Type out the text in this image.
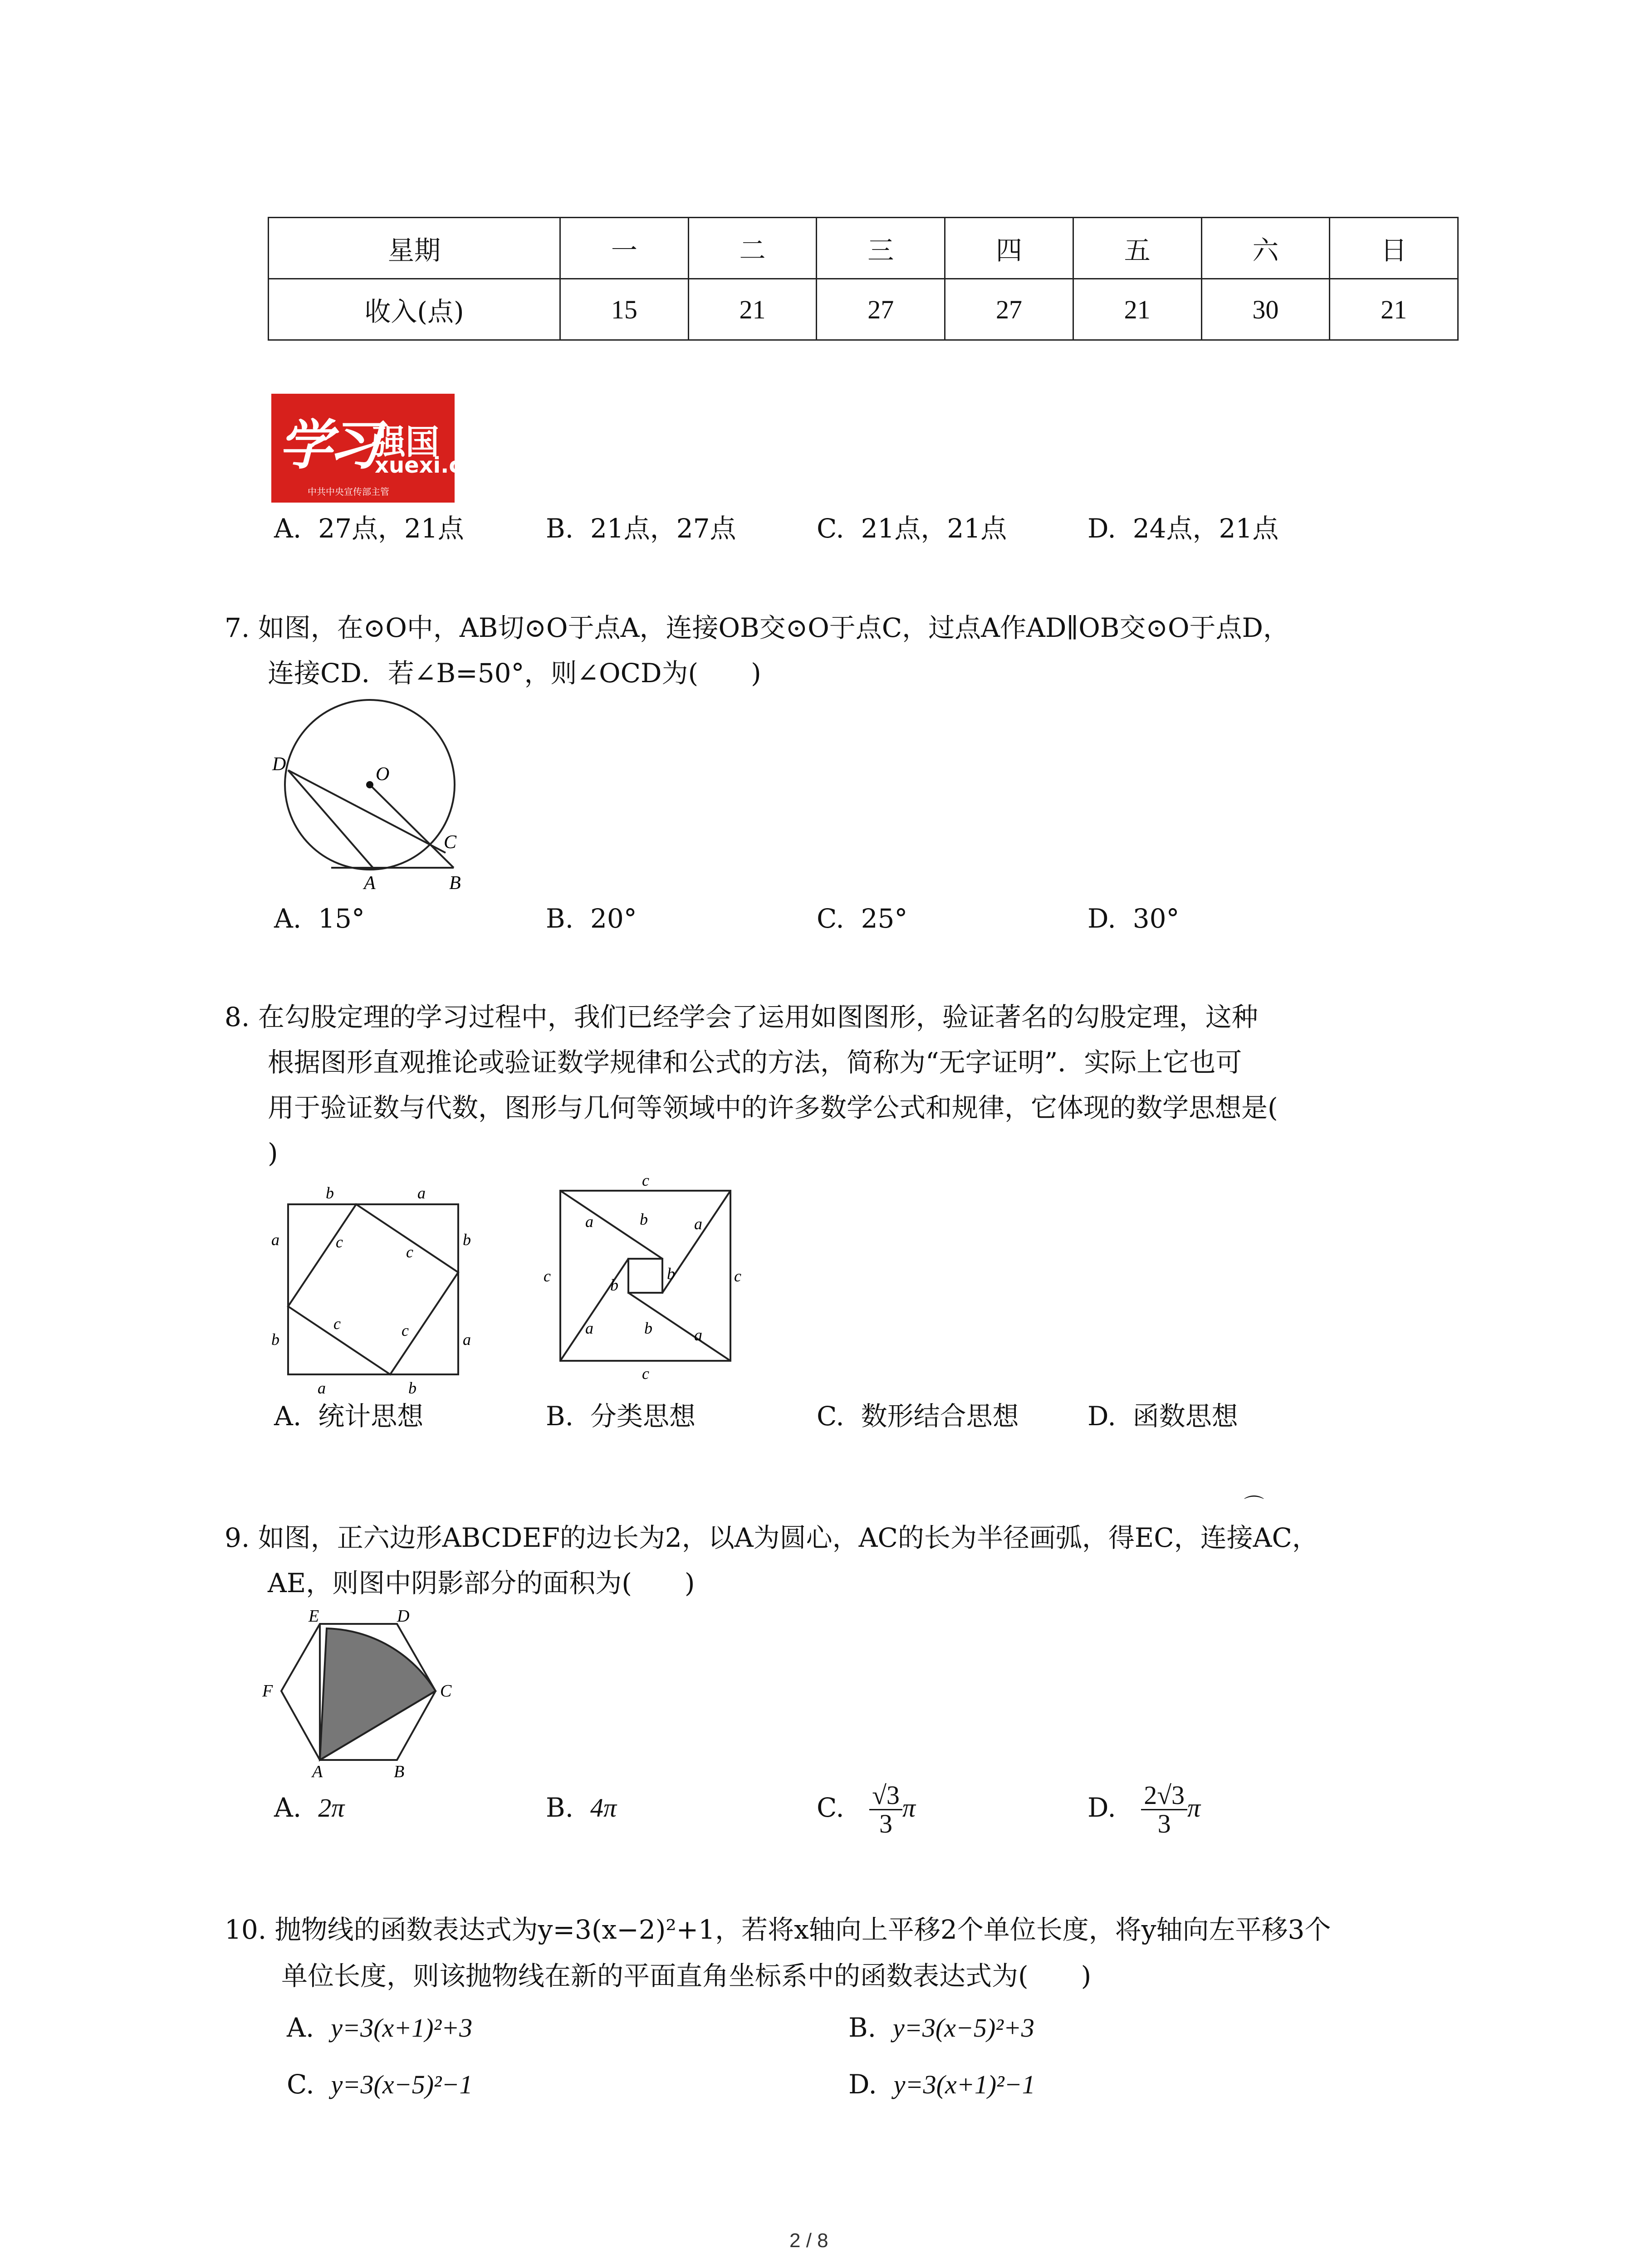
星期	一	二	三	四	五	六	日
收入(点)	15	21	27	27	21	30	21
学习
强国
xuexi.cn
中共中央宣传部主管
A. 27点，21点	B. 21点，27点	C. 21点，21点	D. 24点，21点
7. 如图，在⊙O中，AB切⊙O于点A，连接OB交⊙O于点C，过点A作AD∥OB交⊙O于点D，
连接CD．若∠B=50°，则∠OCD为(　　)
D	O
C
A	B
A. 15°	B. 20°	C. 25°	D. 30°
8. 在勾股定理的学习过程中，我们已经学会了运用如图图形，验证著名的勾股定理，这种
根据图形直观推论或验证数学规律和公式的方法，简称为“无字证明”．实际上它也可
用于验证数与代数，图形与几何等领域中的许多数学公式和规律，它体现的数学思想是(
)
b	a
a
b
b
a
a	b
c
c
c	c
c
c
c	c
a	b	a
b
b
a	b	a
A. 统计思想	B. 分类思想	C. 数形结合思想	D. 函数思想
⌒
9. 如图，正六边形ABCDEF的边长为2，以A为圆心，AC的长为半径画弧，得EC，连接AC，
AE，则图中阴影部分的面积为(　　)
E	D
F	C
A	B
A. 2π	B. 4π	C. $\frac{√3}{3}$ π	D. $\frac{2√3}{3}$ π
10. 抛物线的函数表达式为y=3(x−2)²+1，若将x轴向上平移2个单位长度，将y轴向左平移3个
单位长度，则该抛物线在新的平面直角坐标系中的函数表达式为(　　)
A. y=3(x+1)²+3	B. y=3(x−5)²+3
C. y=3(x−5)²−1	D. y=3(x+1)²−1
2 / 8
